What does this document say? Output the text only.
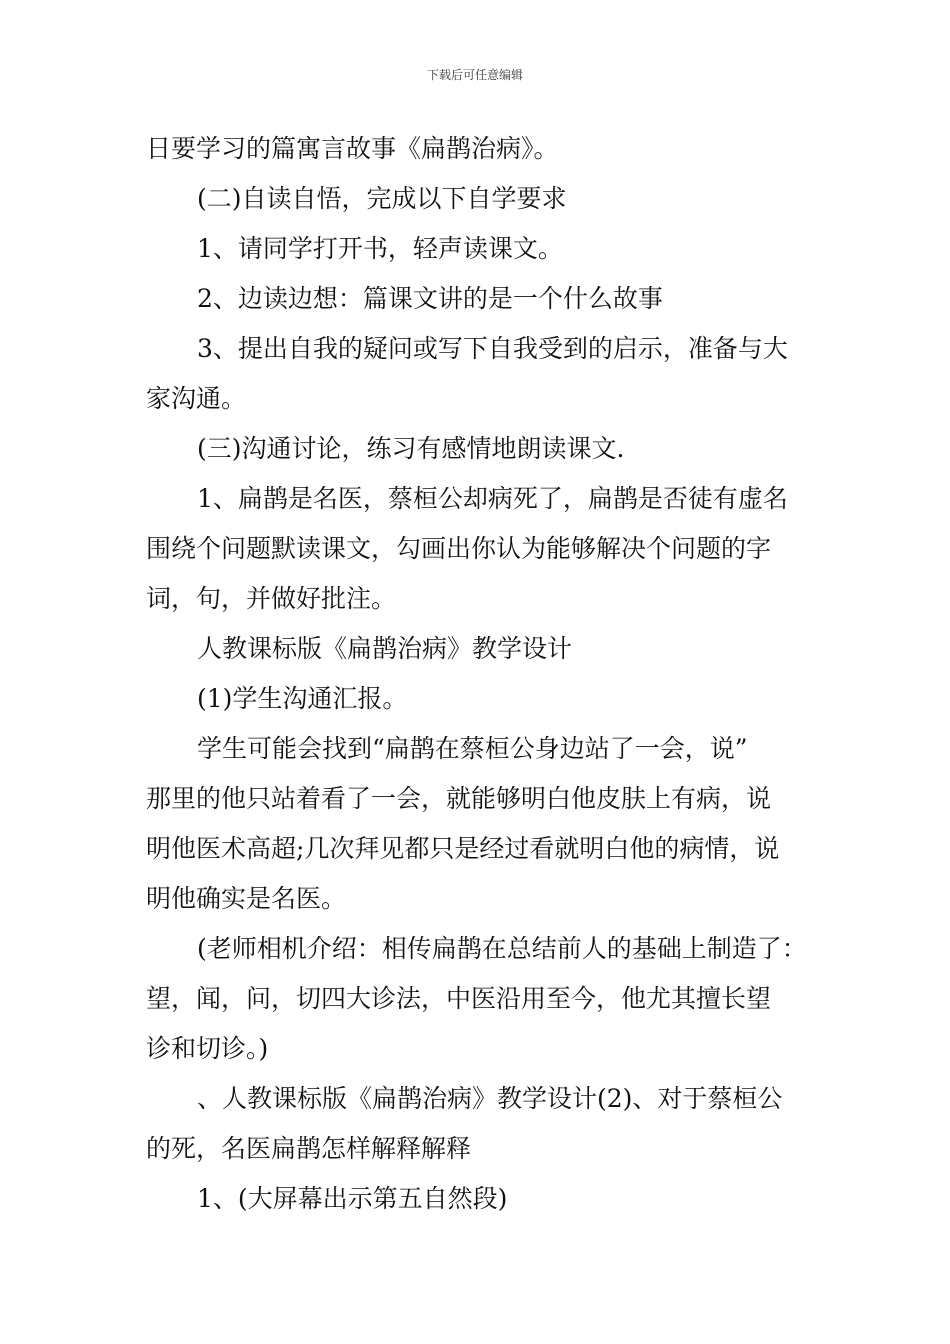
下载后可任意编辑

日要学习的篇寓言故事《扁鹊治病》。

(二)自读自悟，完成以下自学要求

1、请同学打开书，轻声读课文。

2、边读边想：篇课文讲的是一个什么故事

3、提出自我的疑问或写下自我受到的启示，准备与大

家沟通。

(三)沟通讨论，练习有感情地朗读课文.

1、扁鹊是名医，蔡桓公却病死了，扁鹊是否徒有虚名

围绕个问题默读课文，勾画出你认为能够解决个问题的字

词，句，并做好批注。

人教课标版《扁鹊治病》教学设计

(1)学生沟通汇报。

学生可能会找到“扁鹊在蔡桓公身边站了一会，说”

那里的他只站着看了一会，就能够明白他皮肤上有病，说

明他医术高超;几次拜见都只是经过看就明白他的病情，说

明他确实是名医。

(老师相机介绍：相传扁鹊在总结前人的基础上制造了：

望，闻，问，切四大诊法，中医沿用至今，他尤其擅长望

诊和切诊。)

、人教课标版《扁鹊治病》教学设计(2)、对于蔡桓公

的死，名医扁鹊怎样解释解释

1、(大屏幕出示第五自然段)
